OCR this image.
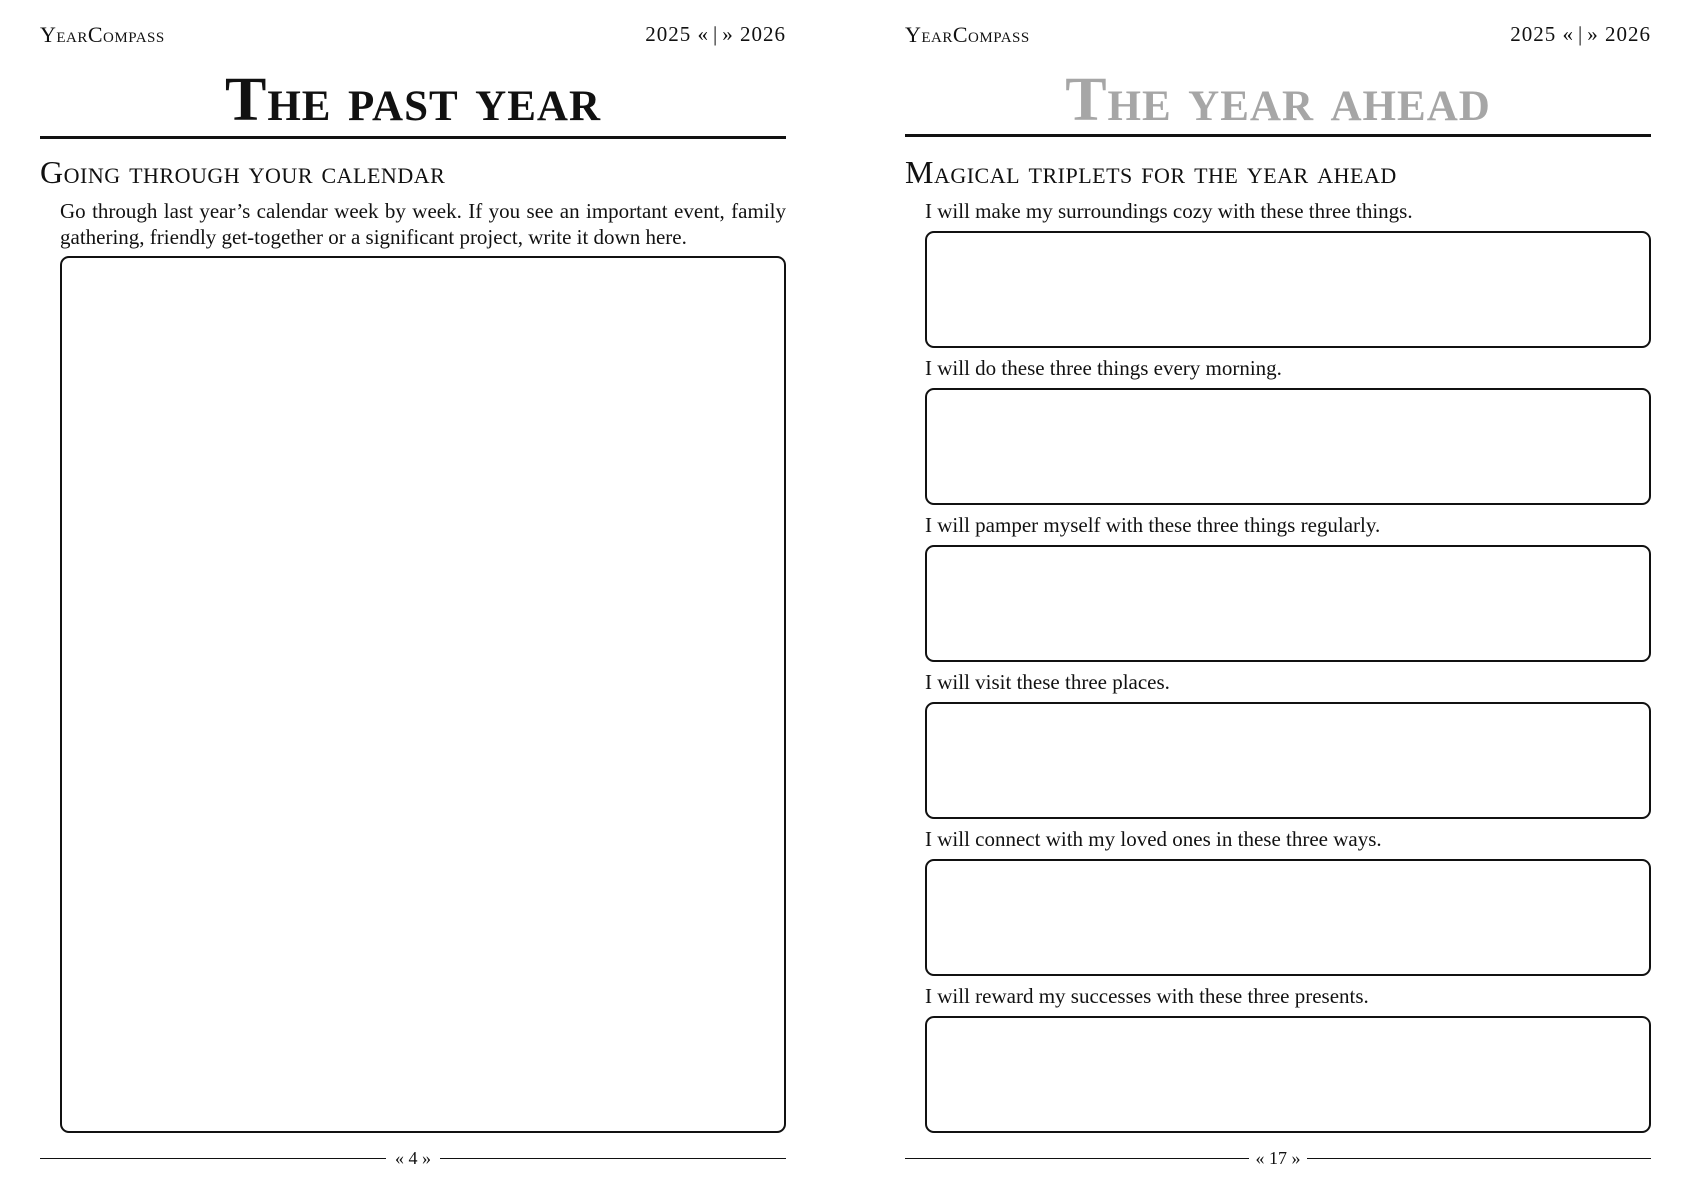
YearCompass	2025 « | » 2026
The past year
Going through your calendar

Go through last year’s calendar week by week. If you see an important event, family gathering, friendly get-together or a significant project, write it down here.

« 4 »
YearCompass	2025 « | » 2026
The year ahead
Magical triplets for the year ahead
I will make my surroundings cozy with these three things.
I will do these three things every morning.
I will pamper myself with these three things regularly.
I will visit these three places.
I will connect with my loved ones in these three ways.
I will reward my successes with these three presents.
« 17 »
